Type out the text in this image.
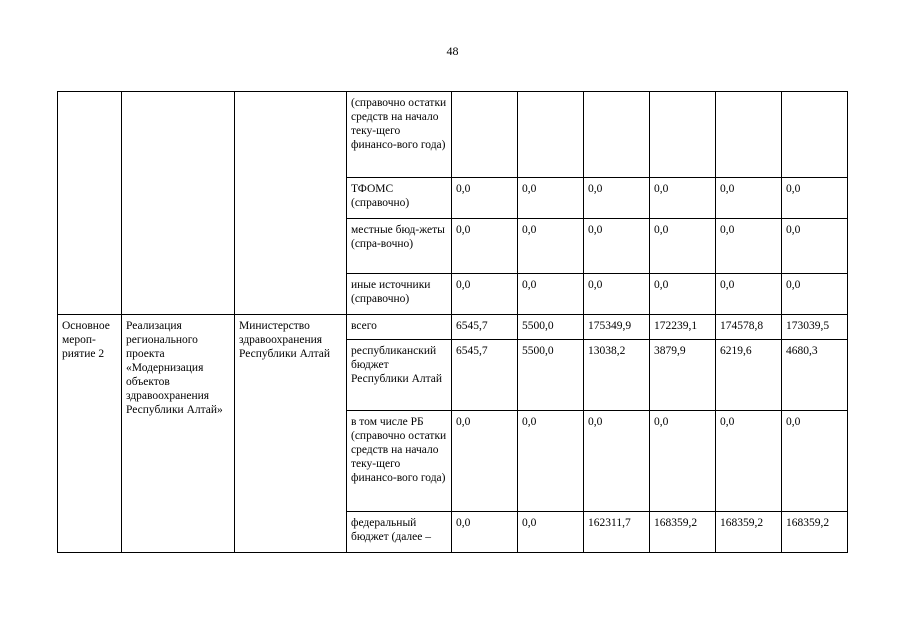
48
			(справочно остатки средств на начало теку-щего финансо-вого года)						
			ТФОМС (справочно)	0,0	0,0	0,0	0,0	0,0	0,0
			местные бюд-жеты (спра-вочно)	0,0	0,0	0,0	0,0	0,0	0,0
			иные источники (справочно)	0,0	0,0	0,0	0,0	0,0	0,0
Основное мероп-риятие 2	Реализация регионального проекта «Модернизация объектов здравоохранения Республики Алтай»	Министерство здравоохранения Республики Алтай	всего	6545,7	5500,0	175349,9	172239,1	174578,8	173039,5
			республиканский бюджет Республики Алтай	6545,7	5500,0	13038,2	3879,9	6219,6	4680,3
			в том числе РБ (справочно остатки средств на начало теку-щего финансо-вого года)	0,0	0,0	0,0	0,0	0,0	0,0
			федеральный бюджет (далее –	0,0	0,0	162311,7	168359,2	168359,2	168359,2
